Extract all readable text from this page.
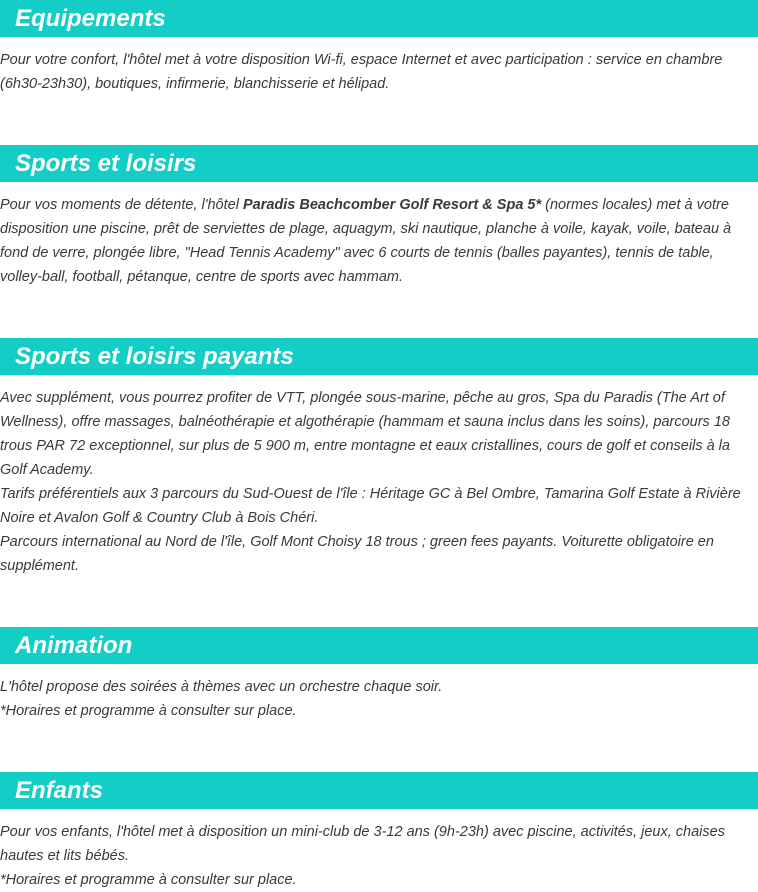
Equipements

Pour votre confort, l'hôtel met à votre disposition Wi-fi, espace Internet et avec participation : service en chambre (6h30-23h30), boutiques, infirmerie, blanchisserie et hélipad.

Sports et loisirs

Pour vos moments de détente, l'hôtel Paradis Beachcomber Golf Resort & Spa 5* (normes locales) met à votre disposition une piscine, prêt de serviettes de plage, aquagym, ski nautique, planche à voile, kayak, voile, bateau à fond de verre, plongée libre, "Head Tennis Academy" avec 6 courts de tennis (balles payantes), tennis de table, volley-ball, football, pétanque, centre de sports avec hammam.

Sports et loisirs payants

Avec supplément, vous pourrez profiter de VTT, plongée sous-marine, pêche au gros, Spa du Paradis (The Art of Wellness), offre massages, balnéothérapie et algothérapie (hammam et sauna inclus dans les soins), parcours 18 trous PAR 72 exceptionnel, sur plus de 5 900 m, entre montagne et eaux cristallines, cours de golf et conseils à la Golf Academy.

Tarifs préférentiels aux 3 parcours du Sud-Ouest de l'île : Héritage GC à Bel Ombre, Tamarina Golf Estate à Rivière Noire et Avalon Golf & Country Club à Bois Chéri.

Parcours international au Nord de l'île, Golf Mont Choisy 18 trous ; green fees payants. Voiturette obligatoire en supplément.

Animation

L'hôtel propose des soirées à thèmes avec un orchestre chaque soir.

*Horaires et programme à consulter sur place.

Enfants

Pour vos enfants, l'hôtel met à disposition un mini-club de 3-12 ans (9h-23h) avec piscine, activités, jeux, chaises hautes et lits bébés.

*Horaires et programme à consulter sur place.
